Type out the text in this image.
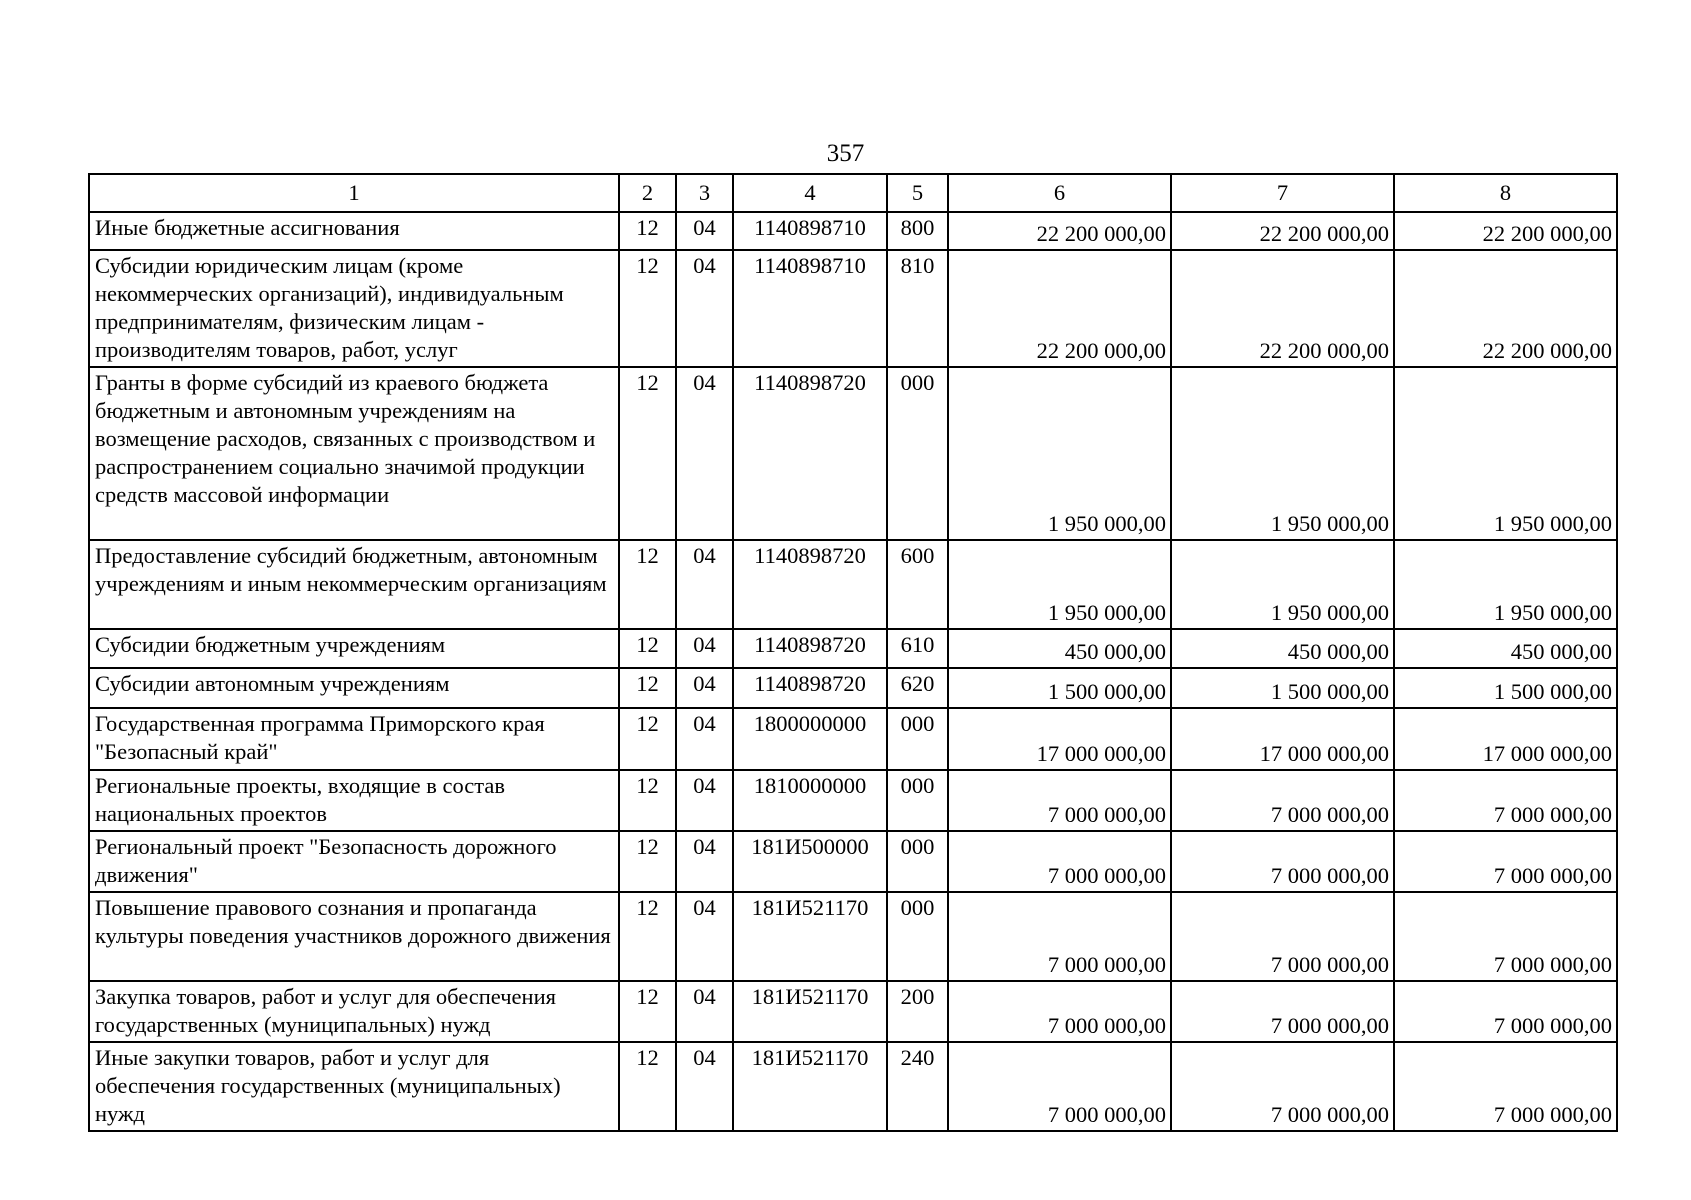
357
1	2	3	4	5	6	7	8
Иные бюджетные ассигнования	12	04	1140898710	800	22 200 000,00	22 200 000,00	22 200 000,00
Субсидии юридическим лицам (кроме некоммерческих организаций), индивидуальным предпринимателям, физическим лицам - производителям товаров, работ, услуг	12	04	1140898710	810	22 200 000,00	22 200 000,00	22 200 000,00
Гранты в форме субсидий из краевого бюджета бюджетным и автономным учреждениям на возмещение расходов, связанных с производством и распространением социально значимой продукции средств массовой информации	12	04	1140898720	000	1 950 000,00	1 950 000,00	1 950 000,00
Предоставление субсидий бюджетным, автономным учреждениям и иным некоммерческим организациям	12	04	1140898720	600	1 950 000,00	1 950 000,00	1 950 000,00
Субсидии бюджетным учреждениям	12	04	1140898720	610	450 000,00	450 000,00	450 000,00
Субсидии автономным учреждениям	12	04	1140898720	620	1 500 000,00	1 500 000,00	1 500 000,00
Государственная программа Приморского края "Безопасный край"	12	04	1800000000	000	17 000 000,00	17 000 000,00	17 000 000,00
Региональные проекты, входящие в состав национальных проектов	12	04	1810000000	000	7 000 000,00	7 000 000,00	7 000 000,00
Региональный проект "Безопасность дорожного движения"	12	04	181И500000	000	7 000 000,00	7 000 000,00	7 000 000,00
Повышение правового сознания и пропаганда культуры поведения участников дорожного движения	12	04	181И521170	000	7 000 000,00	7 000 000,00	7 000 000,00
Закупка товаров, работ и услуг для обеспечения государственных (муниципальных) нужд	12	04	181И521170	200	7 000 000,00	7 000 000,00	7 000 000,00
Иные закупки товаров, работ и услуг для обеспечения государственных (муниципальных) нужд	12	04	181И521170	240	7 000 000,00	7 000 000,00	7 000 000,00
